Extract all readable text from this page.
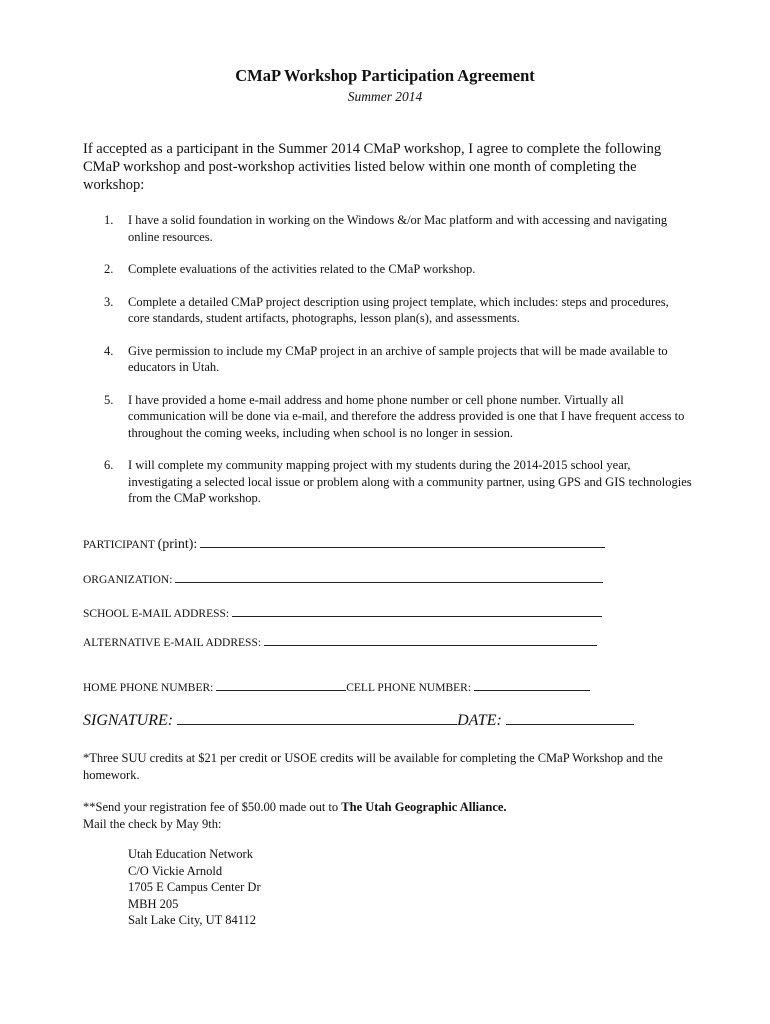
CMaP Workshop Participation Agreement
Summer 2014
If accepted as a participant in the Summer 2014 CMaP workshop, I agree to complete the following CMaP workshop and post-workshop activities listed below within one month of completing the workshop:
1. I have a solid foundation in working on the Windows &/or Mac platform and with accessing and navigating online resources.
2. Complete evaluations of the activities related to the CMaP workshop.
3. Complete a detailed CMaP project description using project template, which includes: steps and procedures, core standards, student artifacts, photographs, lesson plan(s), and assessments.
4. Give permission to include my CMaP project in an archive of sample projects that will be made available to educators in Utah.
5. I have provided a home e-mail address and home phone number or cell phone number. Virtually all communication will be done via e-mail, and therefore the address provided is one that I have frequent access to throughout the coming weeks, including when school is no longer in session.
6. I will complete my community mapping project with my students during the 2014-2015 school year, investigating a selected local issue or problem along with a community partner, using GPS and GIS technologies from the CMaP workshop.
PARTICIPANT (print):
ORGANIZATION:
SCHOOL E-MAIL ADDRESS:
ALTERNATIVE E-MAIL ADDRESS:
HOME PHONE NUMBER:	CELL PHONE NUMBER:
SIGNATURE:	DATE:
*Three SUU credits at $21 per credit or USOE credits will be available for completing the CMaP Workshop and the homework.
**Send your registration fee of $50.00 made out to The Utah Geographic Alliance.
Mail the check by May 9th:
Utah Education Network
C/O Vickie Arnold
1705 E Campus Center Dr
MBH 205
Salt Lake City, UT 84112
